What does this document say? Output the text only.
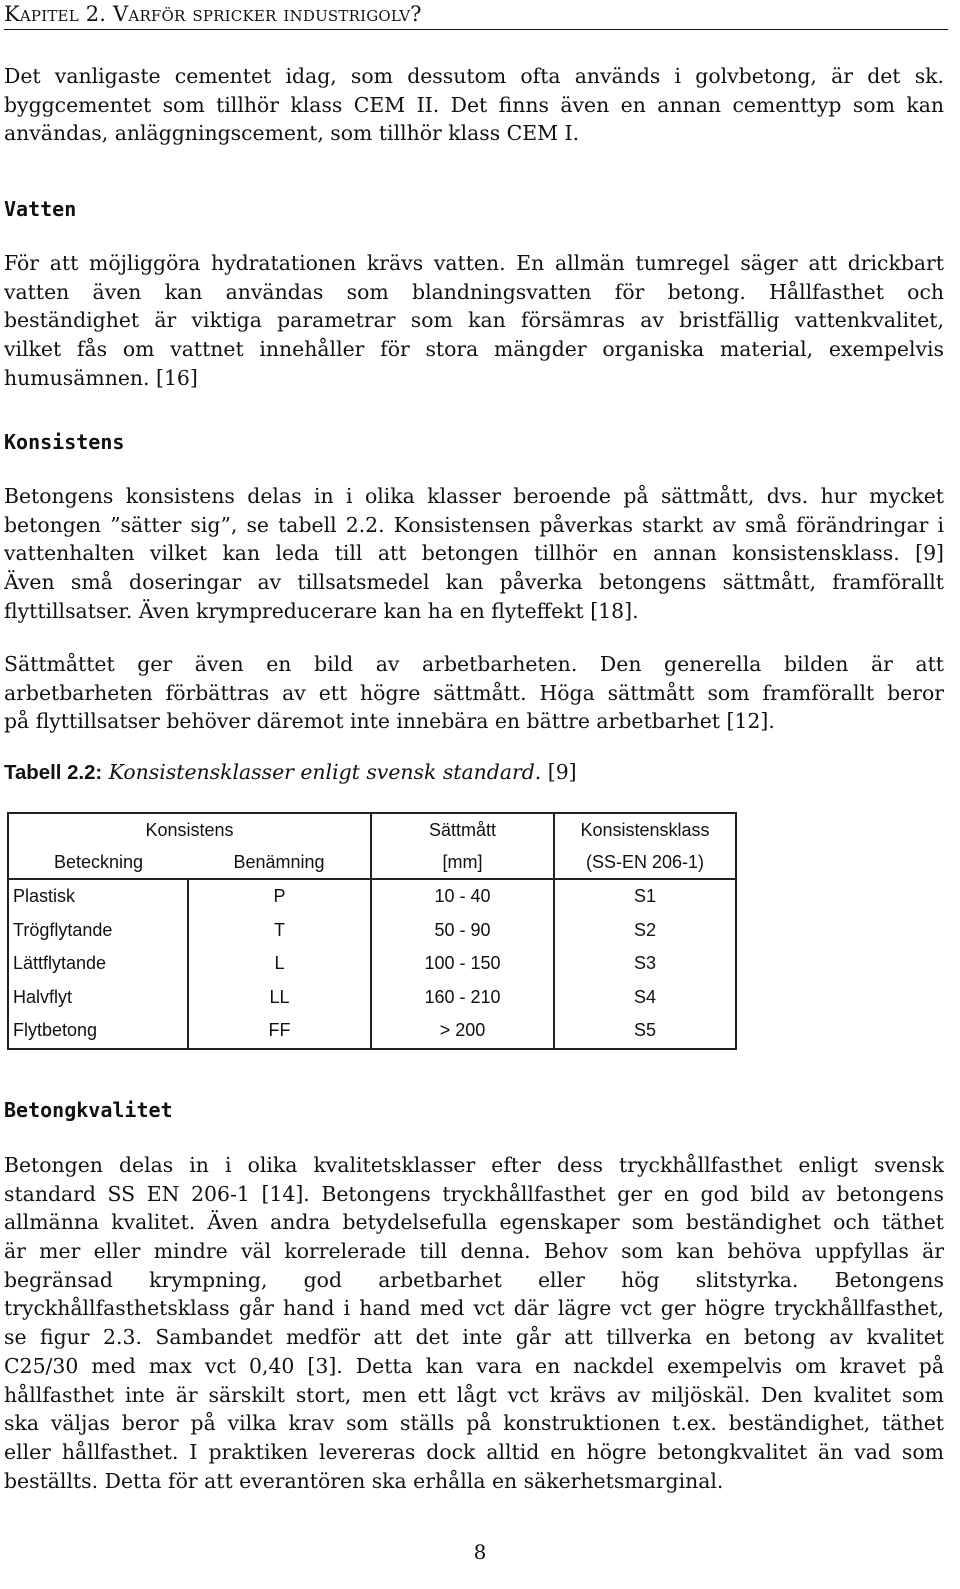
Kapitel 2. Varför spricker industrigolv?
Det vanligaste cementet idag, som dessutom ofta används i golvbetong, är det sk.
byggcementet som tillhör klass CEM II. Det finns även en annan cementtyp som kan
användas, anläggningscement, som tillhör klass CEM I.
Vatten
För att möjliggöra hydratationen krävs vatten. En allmän tumregel säger att drickbart
vatten även kan användas som blandningsvatten för betong. Hållfasthet och
beständighet är viktiga parametrar som kan försämras av bristfällig vattenkvalitet,
vilket fås om vattnet innehåller för stora mängder organiska material, exempelvis
humusämnen. [16]
Konsistens
Betongens konsistens delas in i olika klasser beroende på sättmått, dvs. hur mycket
betongen ”sätter sig”, se tabell 2.2. Konsistensen påverkas starkt av små förändringar i
vattenhalten vilket kan leda till att betongen tillhör en annan konsistensklass. [9]
Även små doseringar av tillsatsmedel kan påverka betongens sättmått, framförallt
flyttillsatser. Även krympreducerare kan ha en flyteffekt [18].
Sättmåttet ger även en bild av arbetbarheten. Den generella bilden är att
arbetbarheten förbättras av ett högre sättmått. Höga sättmått som framförallt beror
på flyttillsatser behöver däremot inte innebära en bättre arbetbarhet [12].

Tabell 2.2: Konsistensklasser enligt svensk standard. [9]

Konsistens		Sättmått	Konsistensklass
Beteckning	Benämning	[mm]	(SS-EN 206-1)
Plastisk	P	10 - 40	S1
Trögflytande	T	50 - 90	S2
Lättflytande	L	100 - 150	S3
Halvflyt	LL	160 - 210	S4
Flytbetong	FF	> 200	S5
Betongkvalitet
Betongen delas in i olika kvalitetsklasser efter dess tryckhållfasthet enligt svensk
standard SS EN 206-1 [14]. Betongens tryckhållfasthet ger en god bild av betongens
allmänna kvalitet. Även andra betydelsefulla egenskaper som beständighet och täthet
är mer eller mindre väl korrelerade till denna. Behov som kan behöva uppfyllas är
begränsad krympning, god arbetbarhet eller hög slitstyrka. Betongens
tryckhållfasthetsklass går hand i hand med vct där lägre vct ger högre tryckhållfasthet,
se figur 2.3. Sambandet medför att det inte går att tillverka en betong av kvalitet
C25/30 med max vct 0,40 [3]. Detta kan vara en nackdel exempelvis om kravet på
hållfasthet inte är särskilt stort, men ett lågt vct krävs av miljöskäl. Den kvalitet som
ska väljas beror på vilka krav som ställs på konstruktionen t.ex. beständighet, täthet
eller hållfasthet. I praktiken levereras dock alltid en högre betongkvalitet än vad som
beställts. Detta för att everantören ska erhålla en säkerhetsmarginal.

8
